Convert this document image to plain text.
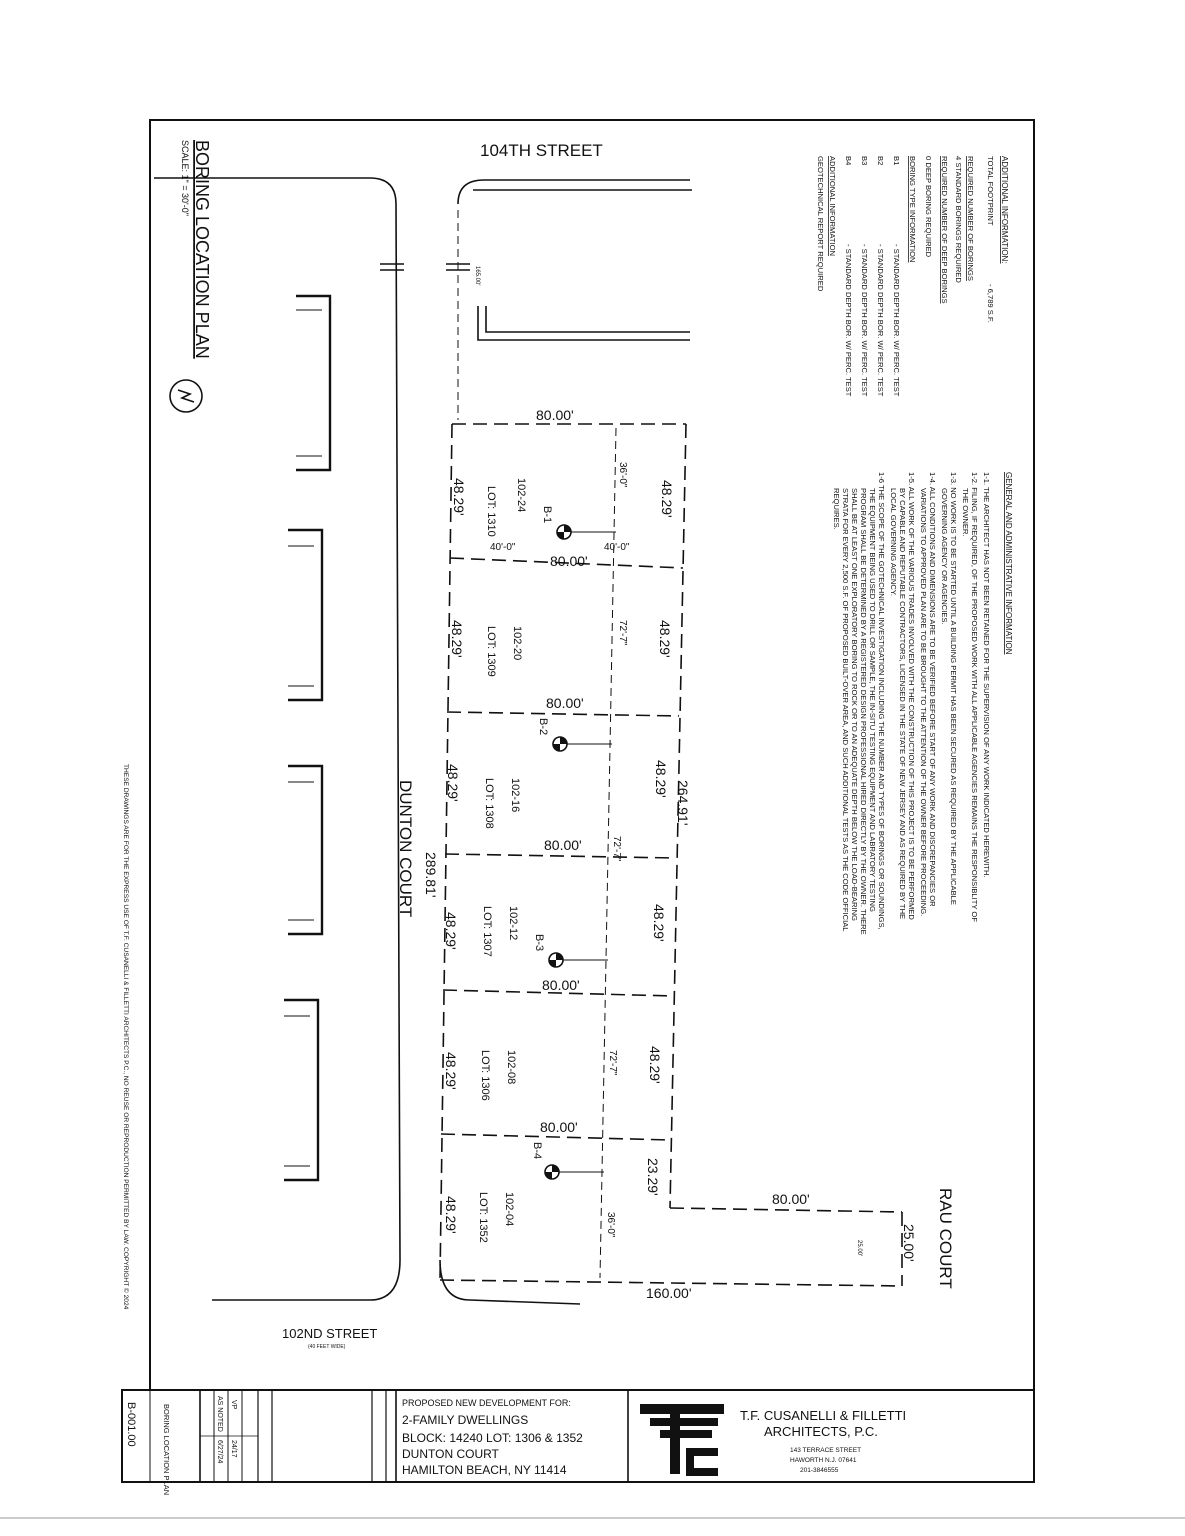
104TH STREET
102ND STREET
(40 FEET WIDE)
DUNTON COURT
RAU COURT
BORING LOCATION PLAN
SCALE: 1" = 30'-0"
GENERAL AND ADMINISTRATIVE INFORMATION
1-1. THE ARCHITECT HAS NOT BEEN RETAINED FOR THE SUPERVISION OF ANY WORK INDICATED HEREWITH.
1-2. FILING, IF REQUIRED, OF THE PROPOSED WORK WITH ALL APPLICABLE AGENCIES REMAINS THE RESPONSIBLITY OF
THE OWNER.
1-3. NO WORK IS TO BE STARTED UNTIL A BUILDING PERMIT HAS BEEN SECURED AS REQUIRED BY THE APPLICABLE
GOVERNING AGENCY OR AGENCIES.
1-4. ALL CONDITIONS AND DIMENSIONS ARE TO BE VERIFIED BEFORE START OF ANY WORK AND DISCREPANCIES OR
VARIATIONS TO APPROVED PLAN ARE TO BE BROUGHT TO THE ATTENTION OF THE OWNER BEFORE PROCEEDING.
1-5. ALL WORK OF THE VARIOUS TRADES INVOLVED WITH THE CONSTRUCTION OF THIS PROJECT IS TO BE PERFORMED
BY CAPABLE AND REPUTABLE CONTRACTORS, LICENSED IN THE STATE OF NEW JERSEY AND AS REQUIRED BY THE
LOCAL GOVERNING AGENCY.
1-6 THE SCOPE OF THE GOTECHNICAL INVESTIGATION INCLUDING THE NUMBER AND TYPES OF BORINGS OR SOUNDINGS,
THE EQUIPMENT BEING USED TO DRILL OR SAMPLE, THE IN-SITU TESTING EQUIPMENT AND LABRATORY TESTING
PROGRAM SHALL BE DETERMINED BY A REGISTERED DESIGN PROFESSIONAL HIRED DIRECTLY BY THE OWNER. THERE
SHALL BE AT LEAST ONE EXPLORATORY BORING TO ROCK OR TO AN ADEQUATE DEPTH BELOW THE LOAD-BEARING
STRATA FOR EVERY 2,500 S.F. OF PROPOSED BUILT-OVER AREA, AND SUCH ADDITIONAL TESTS AS THE CODE OFFICIAL
REQUIRES.
ADDITIONAL INFORMATION:
TOTAL FOOTPRINT
- 6,789 S.F.
REQUIRED NUMBER OF BORINGS
4 STANDARD BORINGS REQUIRED
REQUIRED NUMBER OF DEEP BORINGS
0 DEEP BORING REQUIRED
BORING TYPE INFORMATION
B1
- STANDARD DEPTH BOR. W/ PERC. TEST
B2
- STANDARD DEPTH BOR. W/ PERC. TEST
B3
- STANDARD DEPTH BOR. W/ PERC. TEST
B4
- STANDARD DEPTH BOR. W/ PERC. TEST
ADDITIONAL INFORMATION
GEOTECHNICAL REPORT REQUIRED
80.00'
80.00'
80.00'
80.00'
80.00'
80.00'
80.00'
160.00'
48.29'
48.29'
48.29'
48.29'
48.29'
23.29'
264.91'
48.29'
48.29'
48.29'
48.29'
48.29'
48.29'
289.81'
25.00'
25.00'
165.00'
40'-0"	40'-0"
36'-0"
72'-7"
72'-7"
72'-7"
36'-0"
102-24
LOT: 1310
102-20
LOT: 1309
102-16
LOT: 1308
102-12
LOT: 1307
102-08
LOT: 1306
102-04
LOT: 1352
B-1
B-2
B-3
B-4
THESE DRAWINGS ARE FOR THE EXPRESS USE OF T.F. CUSANELLI & FILLETTI ARCHITECTS P.C., NO REUSE OR REPRODUCTION PERMITTED BY LAW. COPYRIGHT © 2024
B-001.00	BORING LOCATION PLAN	VP
24/17
AS NOTED
6/27/24
PROPOSED NEW DEVELOPMENT FOR:
2-FAMILY DWELLINGS
BLOCK: 14240 LOT: 1306 & 1352
DUNTON COURT
HAMILTON BEACH, NY 11414
T.F. CUSANELLI & FILLETTI
ARCHITECTS, P.C.
143 TERRACE STREET
HAWORTH N.J. 07641
201-3846555
